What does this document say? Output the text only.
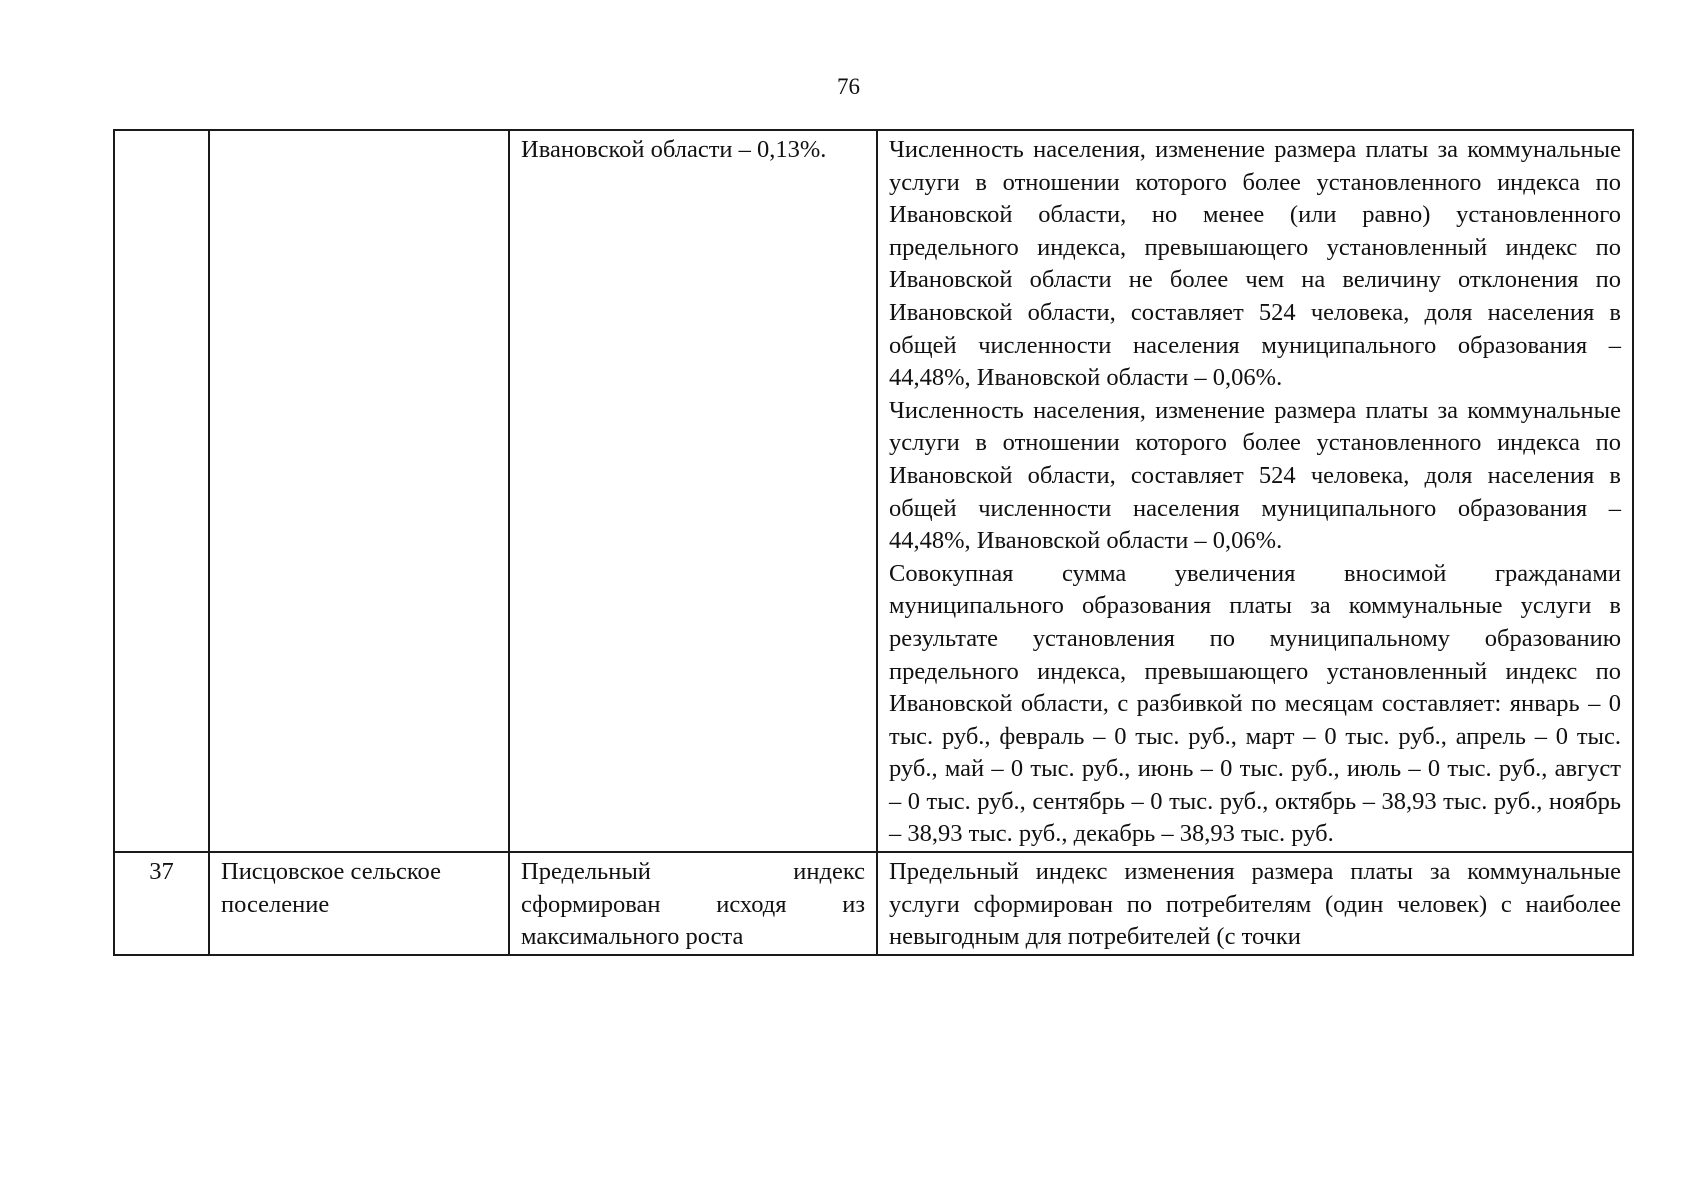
76

		Ивановской области – 0,13%.	Численность населения, изменение размера платы за коммунальные услуги в отношении которого более установленного индекса по Ивановской области, но менее (или равно) установленного предельного индекса, превышающего установленный индекс по Ивановской области не более чем на величину отклонения по Ивановской области, составляет 524 человека, доля населения в общей численности населения муниципального образования – 44,48%, Ивановской области – 0,06%.
Численность населения, изменение размера платы за коммунальные услуги в отношении которого более установленного индекса по Ивановской области, составляет 524 человека, доля населения в общей численности населения муниципального образования – 44,48%, Ивановской области – 0,06%.
Совокупная сумма увеличения вносимой гражданами муниципального образования платы за коммунальные услуги в результате установления по муниципальному образованию предельного индекса, превышающего установленный индекс по Ивановской области, с разбивкой по месяцам составляет: январь – 0 тыс. руб., февраль – 0 тыс. руб., март – 0 тыс. руб., апрель – 0 тыс. руб., май – 0 тыс. руб., июнь – 0 тыс. руб., июль – 0 тыс. руб., август – 0 тыс. руб., сентябрь – 0 тыс. руб., октябрь – 38,93 тыс. руб., ноябрь – 38,93 тыс. руб., декабрь – 38,93 тыс. руб.

37	Писцовское сельское поселение	Предельный индекс сформирован исходя из максимального роста	Предельный индекс изменения размера платы за коммунальные услуги сформирован по потребителям (один человек) с наиболее невыгодным для потребителей (с точки
